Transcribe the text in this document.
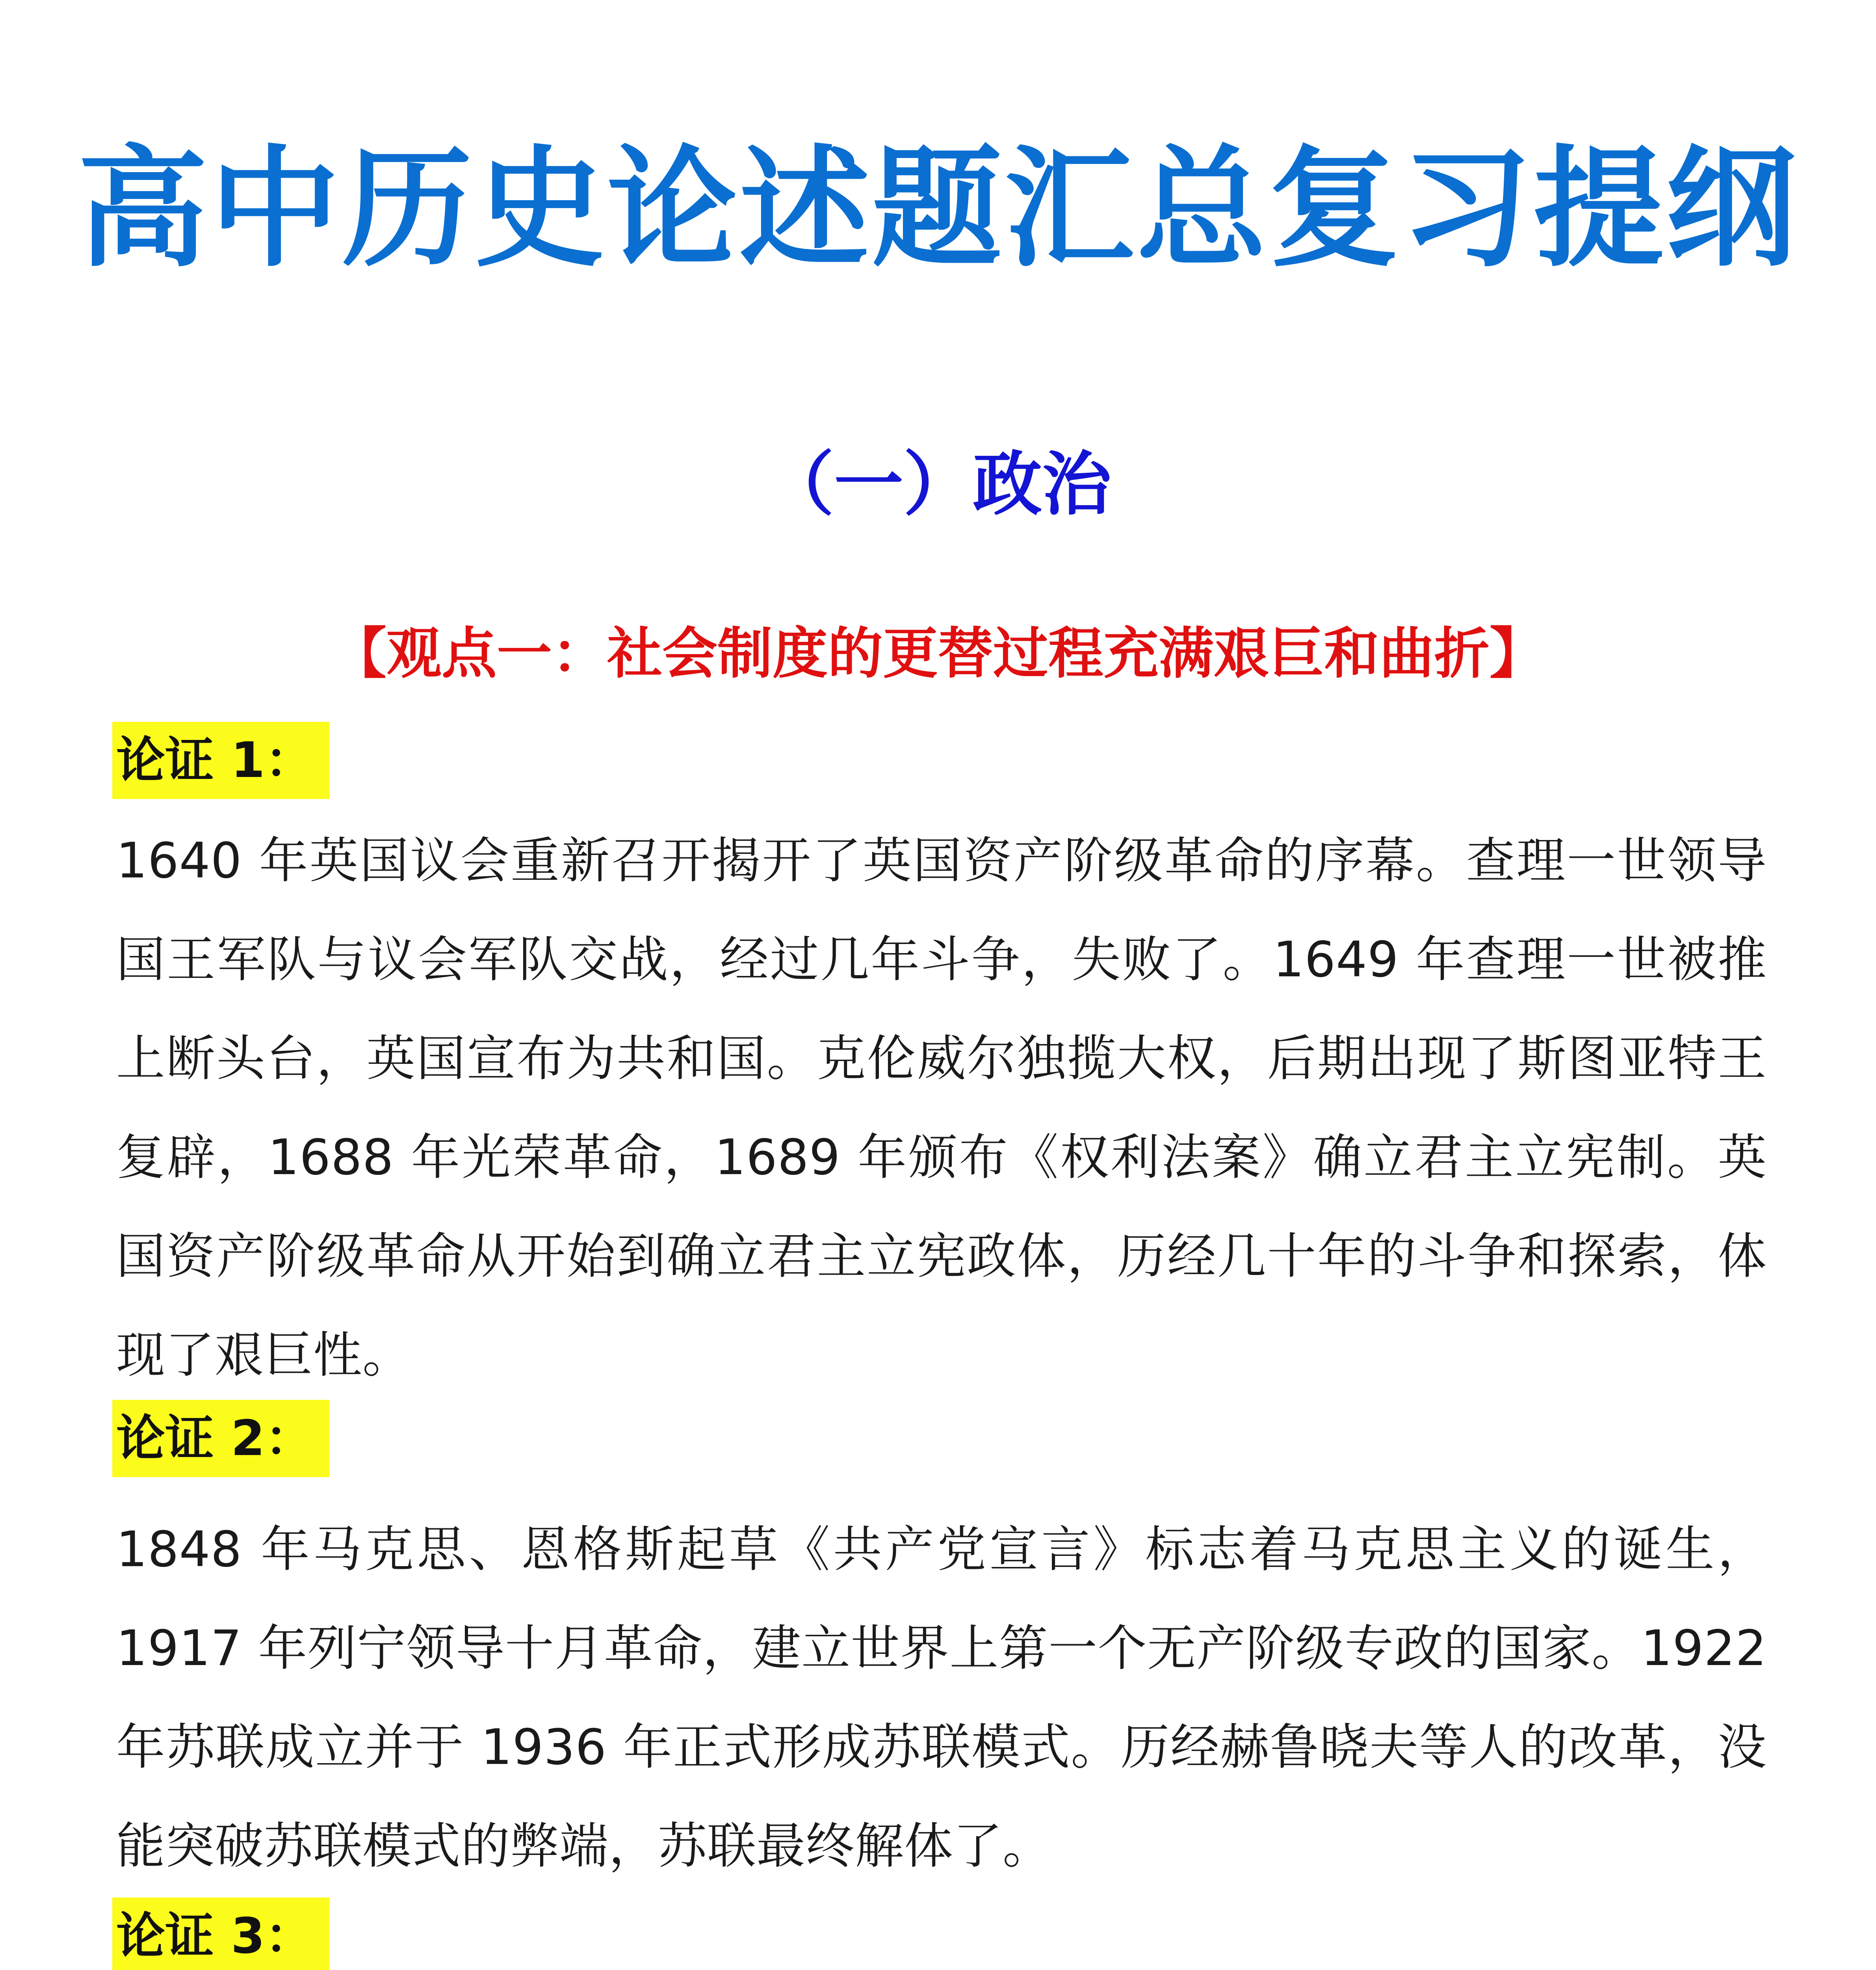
高中历史论述题汇总复习提纲
（一）政治
【观点一：社会制度的更替过程充满艰巨和曲折】
论证 1：

1640 年英国议会重新召开揭开了英国资产阶级革命的序幕。查理一世领导国王军队与议会军队交战，经过几年斗争，失败了。1649 年查理一世被推上断头台，英国宣布为共和国。克伦威尔独揽大权，后期出现了斯图亚特王复辟，1688 年光荣革命，1689 年颁布《权利法案》确立君主立宪制。英国资产阶级革命从开始到确立君主立宪政体，历经几十年的斗争和探索，体现了艰巨性。

论证 2：

1848 年马克思、恩格斯起草《共产党宣言》标志着马克思主义的诞生，1917 年列宁领导十月革命，建立世界上第一个无产阶级专政的国家。1922 年苏联成立并于 1936 年正式形成苏联模式。历经赫鲁晓夫等人的改革，没能突破苏联模式的弊端，苏联最终解体了。

论证 3：
